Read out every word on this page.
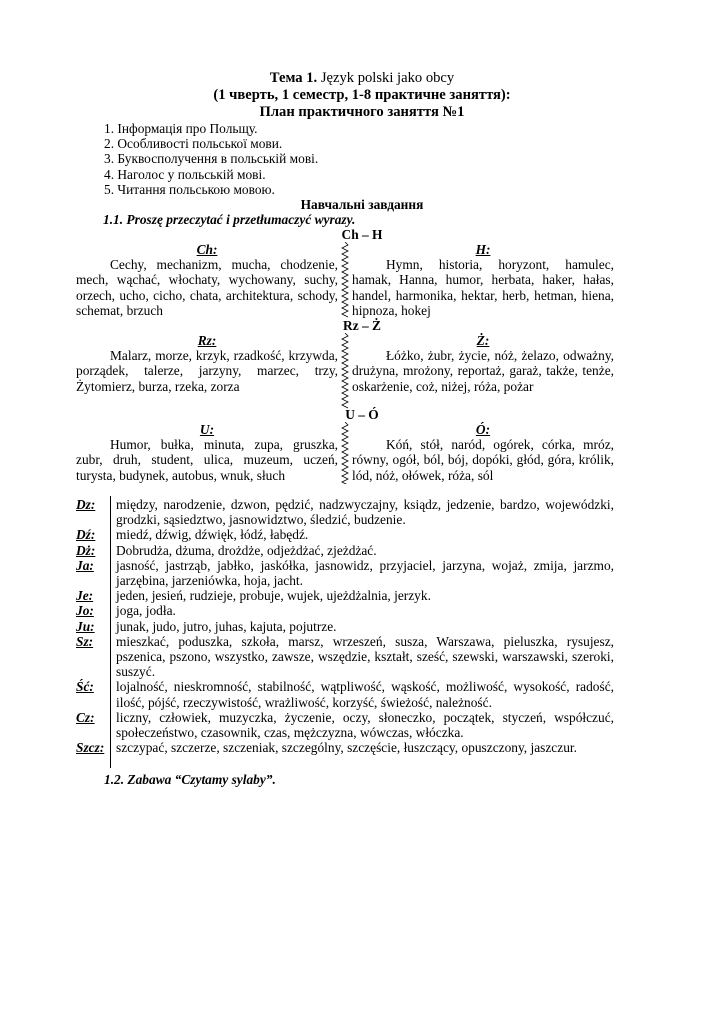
Тема 1. Język polski jako obcy
(1 чверть, 1 семестр, 1-8 практичне заняття):
План практичного заняття №1
1. Інформація про Польщу.
2. Особливості польської мови.
3. Буквосполучення в польській мові.
4. Наголос у польській мові.
5. Читання польською мовою.
Навчальні завдання
1.1. Proszę przeczytać i przetłumaczyć wyrazy.
Ch – H
Ch:
Cechy, mechanizm, mucha, chodzenie, mech, wąchać, włochaty, wychowany, suchy, orzech, ucho, cicho, chata, architektura, schody, schemat, brzuch
H:
Hymn, historia, horyzont, hamulec, hamak, Hanna, humor, herbata, haker, hałas, handel, harmonika, hektar, herb, hetman, hiena, hipnoza, hokej
Rz – Ż
Rz:
Malarz, morze, krzyk, rzadkość, krzywda, porządek, talerze, jarzyny, marzec, trzy, Żytomierz, burza, rzeka, zorza
Ż:
Łóżko, żubr, życie, nóż, żelazo, odważny, drużyna, mrożony, reportaż, garaż, także, tenże, oskarżenie, coż, niżej, róża, pożar
U – Ó
U:
Humor, bułka, minuta, zupa, gruszka, zubr, druh, student, ulica, muzeum, uczeń, turysta, budynek, autobus, wnuk, słuch
Ó:
Kóń, stół, naród, ogórek, córka, mróz, równy, ogół, ból, bój, dopóki, głód, góra, królik, lód, nóż, ołówek, róża, sól
Dz:	między, narodzenie, dzwon, pędzić, nadzwyczajny, ksiądz, jedzenie, bardzo, wojewódzki, grodzki, sąsiedztwo, jasnowidztwo, śledzić, budzenie.
Dź:	miedź, dźwig, dźwięk, łódź, łabędź.
Dż:	Dobrudża, dżuma, drożdże, odjeżdżać, zjeżdżać.
Ja:	jasność, jastrząb, jabłko, jaskółka, jasnowidz, przyjaciel, jarzyna, wojaż, zmija, jarzmo, jarzębina, jarzeniówka, hoja, jacht.
Je:	jeden, jesień, rudzieje, probuje, wujek, ujeżdżalnia, jerzyk.
Jo:	joga, jodła.
Ju:	junak, judo, jutro, juhas, kajuta, pojutrze.
Sz:	mieszkać, poduszka, szkoła, marsz, wrzeszeń, susza, Warszawa, pieluszka, rysujesz, pszenica, pszono, wszystko, zawsze, wszędzie, kształt, sześć, szewski, warszawski, szeroki, suszyć.
Ść:	lojalność, nieskromność, stabilność, wątpliwość, wąskość, możliwość, wysokość, radość, ilość, pójść, rzeczywistość, wrażliwość, korzyść, świeżość, należność.
Cz:	liczny, człowiek, muzyczka, życzenie, oczy, słoneczko, początek, styczeń, współczuć, społeczeństwo, czasownik, czas, mężczyzna, wówczas, włóczka.
Szcz: szczypać, szczerze, szczeniak, szczególny, szczęście, łuszczący, opuszczony, jaszczur.
1.2. Zabawa “Czytamy sylaby”.
